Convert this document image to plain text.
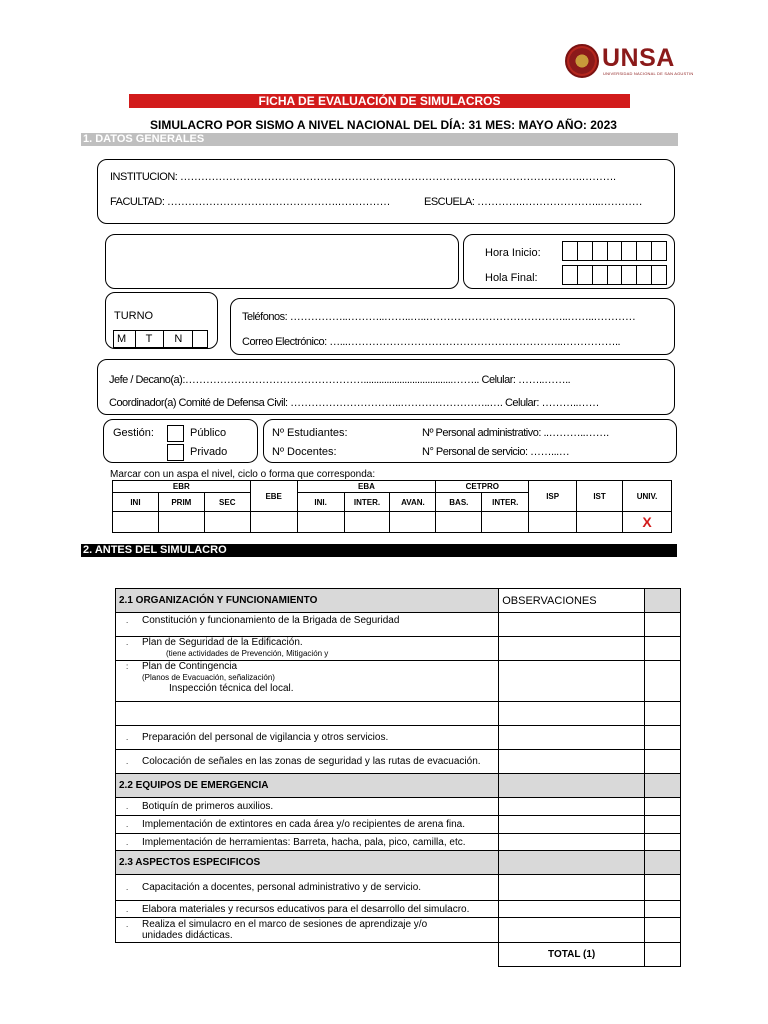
UNSA
UNIVERSIDAD NACIONAL DE SAN AGUSTIN
FICHA DE EVALUACIÓN DE SIMULACROS
SIMULACRO POR SISMO A NIVEL NACIONAL DEL DÍA: 31 MES: MAYO AÑO: 2023
1. DATOS GENERALES
INSTITUCION: …………………………………………………………………………………………………….……….
FACULTAD: ………………………………………….……………	ESCUELA: ………….…………………..…………
Hora Inicio:
Hola Final:
TURNO
M	T	N
Teléfonos: ……………..………..……..…..…………………………………..……..…………
Correo Electrónico: …...……………………………………………………..……………..
Jefe / Decano(a):……………………………………………...................................…….. Celular: ……..……..
Coordinador(a) Comité de Defensa Civil: …………………………..……………………..…. Celular: ………..……
Gestión:	Público
Privado
Nº Estudiantes:
Nº Docentes:
Nº Personal administrativo: ..………..…….
N° Personal de servicio: ……...…
Marcar con un aspa el nivel, ciclo o forma que corresponda:
EBR			EBE	EBA			CETPRO		ISP	IST	UNIV.
INI	PRIM	SEC		INI.	INTER.	AVAN.	BAS.	INTER.			
											X
2. ANTES DEL SIMULACRO
2.1 ORGANIZACIÓN Y FUNCIONAMIENTO	OBSERVACIONES	

. Constitución y funcionamiento de la Brigada de Seguridad		

. Plan de Seguridad de la Edificación.
(tiene actividades de Prevención, Mitigación y		

: Plan de Contingencia
(Planos de Evacuación, señalización)
Inspección técnica del local.		

. Preparación del personal de vigilancia y otros servicios.		

. Colocación de señales en las zonas de seguridad y las rutas de evacuación.		
2.2 EQUIPOS DE EMERGENCIA		

. Botiquín de primeros auxilios.		

. Implementación de extintores en cada área y/o recipientes de arena fina.		

. Implementación de herramientas: Barreta, hacha, pala, pico, camilla, etc.		
2.3 ASPECTOS ESPECIFICOS		

. Capacitación a docentes, personal administrativo y de servicio.		

. Elabora materiales y recursos educativos para el desarrollo del simulacro.		

. Realiza el simulacro en el marco de sesiones de aprendizaje y/o
unidades didácticas.		
	TOTAL (1)	
